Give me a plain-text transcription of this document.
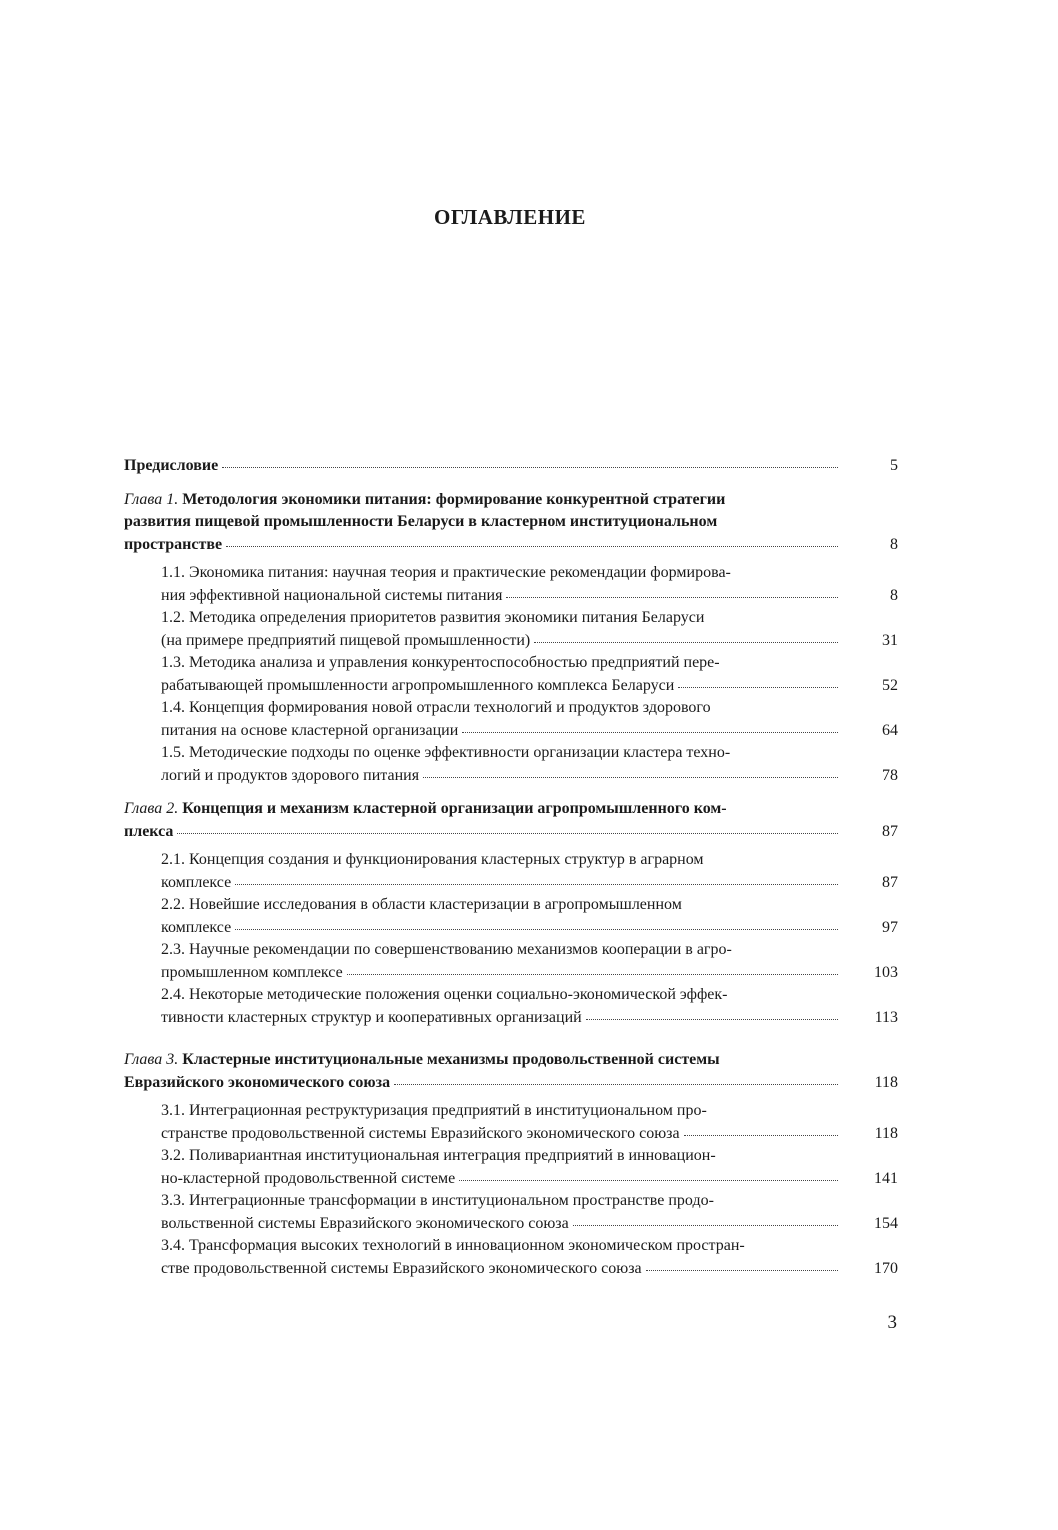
ОГЛАВЛЕНИЕ
Предисловие	5
Глава 1. Методология экономики питания: формирование конкурентной стратегии
развития пищевой промышленности Беларуси в кластерном институциональном
пространстве	8
1.1. Экономика питания: научная теория и практические рекомендации формирова-
ния эффективной национальной системы питания	8
1.2. Методика определения приоритетов развития экономики питания Беларуси
(на примере предприятий пищевой промышленности)	31
1.3. Методика анализа и управления конкурентоспособностью предприятий пере-
рабатывающей промышленности агропромышленного комплекса Беларуси	52
1.4. Концепция формирования новой отрасли технологий и продуктов здорового
питания на основе кластерной организации	64
1.5. Методические подходы по оценке эффективности организации кластера техно-
логий и продуктов здорового питания	78
Глава 2. Концепция и механизм кластерной организации агропромышленного ком-
плекса	87
2.1. Концепция создания и функционирования кластерных структур в аграрном
комплексе	87
2.2. Новейшие исследования в области кластеризации в агропромышленном
комплексе	97
2.3. Научные рекомендации по совершенствованию механизмов кооперации в агро-
промышленном комплексе	103
2.4. Некоторые методические положения оценки социально-экономической эффек-
тивности кластерных структур и кооперативных организаций	113
Глава 3. Кластерные институциональные механизмы продовольственной системы
Евразийского экономического союза	118
3.1. Интеграционная реструктуризация предприятий в институциональном про-
странстве продовольственной системы Евразийского экономического союза	118
3.2. Поливариантная институциональная интеграция предприятий в инновацион-
но-кластерной продовольственной системе	141
3.3. Интеграционные трансформации в институциональном пространстве продо-
вольственной системы Евразийского экономического союза	154
3.4. Трансформация высоких технологий в инновационном экономическом простран-
стве продовольственной системы Евразийского экономического союза	170
3
